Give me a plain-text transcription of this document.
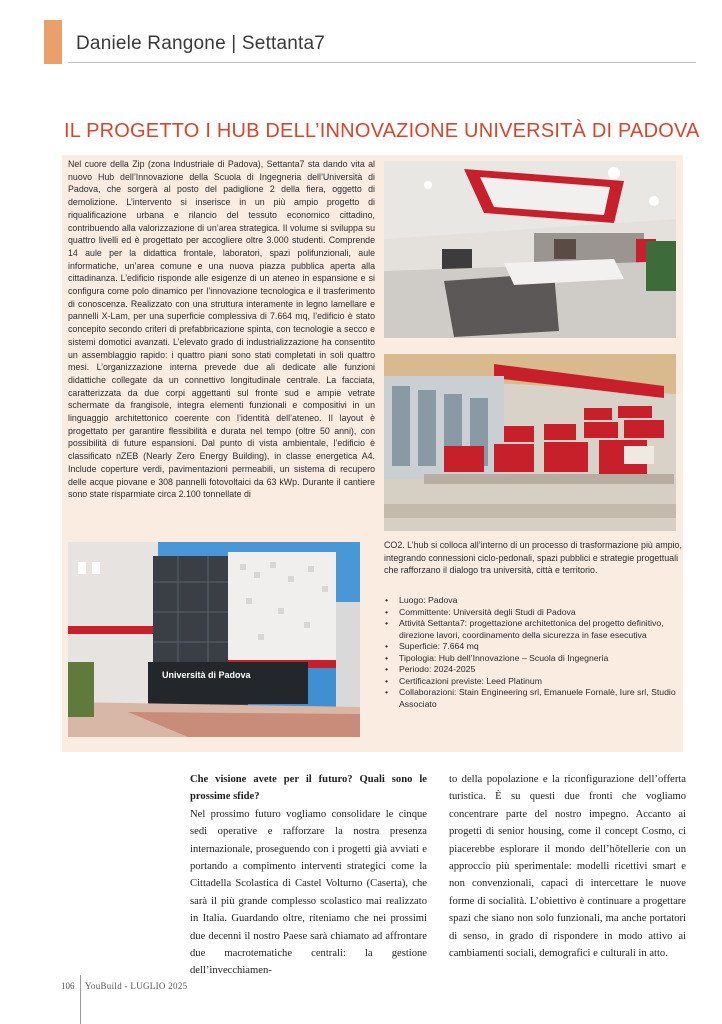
Daniele Rangone | Settanta7
IL PROGETTO I HUB DELL’INNOVAZIONE UNIVERSITÀ DI PADOVA

Nel cuore della Zip (zona Industriale di Padova), Settanta7 sta dando vita al nuovo Hub dell’Innovazione della Scuola di Ingegneria dell’Università di Padova, che sorgerà al posto del padiglione 2 della fiera, oggetto di demolizione. L’intervento si inserisce in un più ampio progetto di riqualificazione urbana e rilancio del tessuto economico cittadino, contribuendo alla valorizzazione di un’area strategica. Il volume si sviluppa su quattro livelli ed è progettato per accogliere oltre 3.000 studenti. Comprende 14 aule per la didattica frontale, laboratori, spazi polifunzionali, aule informatiche, un’area comune e una nuova piazza pubblica aperta alla cittadinanza. L’edificio risponde alle esigenze di un ateneo in espansione e si configura come polo dinamico per l’innovazione tecnologica e il trasferimento di conoscenza. Realizzato con una struttura interamente in legno lamellare e pannelli X-Lam, per una superficie complessiva di 7.664 mq, l’edificio è stato concepito secondo criteri di prefabbricazione spinta, con tecnologie a secco e sistemi domotici avanzati. L’elevato grado di industrializzazione ha consentito un assemblaggio rapido: i quattro piani sono stati completati in soli quattro mesi. L’organizzazione interna prevede due ali dedicate alle funzioni didattiche collegate da un connettivo longitudinale centrale. La facciata, caratterizzata da due corpi aggettanti sul fronte sud e ampie vetrate schermate da frangisole, integra elementi funzionali e compositivi in un linguaggio architettonico coerente con l’identità dell’ateneo. Il layout è progettato per garantire flessibilità e durata nel tempo (oltre 50 anni), con possibilità di future espansioni. Dal punto di vista ambientale, l’edificio è classificato nZEB (Nearly Zero Energy Building), in classe energetica A4. Include coperture verdi, pavimentazioni permeabili, un sistema di recupero delle acque piovane e 308 pannelli fotovoltaici da 63 kWp. Durante il cantiere sono state risparmiate circa 2.100 tonnellate di

Università di Padova

CO2. L’hub si colloca all’interno di un processo di trasformazione più ampio, integrando connessioni ciclo-pedonali, spazi pubblici e strategie progettuali che rafforzano il dialogo tra università, città e territorio.

• Luogo: Padova
• Committente: Università degli Studi di Padova
• Attività Settanta7: progettazione architettonica del progetto definitivo, direzione lavori, coordinamento della sicurezza in fase esecutiva
• Superficie: 7.664 mq
• Tipologia: Hub dell’Innovazione – Scuola di Ingegneria
• Periodo: 2024-2025
• Certificazioni previste: Leed Platinum
• Collaborazioni: Stain Engineering srl, Emanuele Fornalè, Iure srl, Studio Associato

Che visione avete per il futuro? Quali sono le prossime sfide?

Nel prossimo futuro vogliamo consolidare le cinque sedi operative e rafforzare la nostra presenza internazionale, proseguendo con i progetti già avviati e portando a compimento interventi strategici come la Cittadella Scolastica di Castel Volturno (Caserta), che sarà il più grande complesso scolastico mai realizzato in Italia. Guardando oltre, riteniamo che nei prossimi due decenni il nostro Paese sarà chiamato ad affrontare due macrotematiche centrali: la gestione dell’invecchiamen-

to della popolazione e la riconfigurazione dell’offerta turistica. È su questi due fronti che vogliamo concentrare parte del nostro impegno. Accanto ai progetti di senior housing, come il concept Cosmo, ci piacerebbe esplorare il mondo dell’hôtellerie con un approccio più sperimentale: modelli ricettivi smart e non convenzionali, capaci di intercettare le nuove forme di socialità. L’obiettivo è continuare a progettare spazi che siano non solo funzionali, ma anche portatori di senso, in grado di rispondere in modo attivo ai cambiamenti sociali, demografici e culturali in atto.

106 YouBuild - LUGLIO 2025
